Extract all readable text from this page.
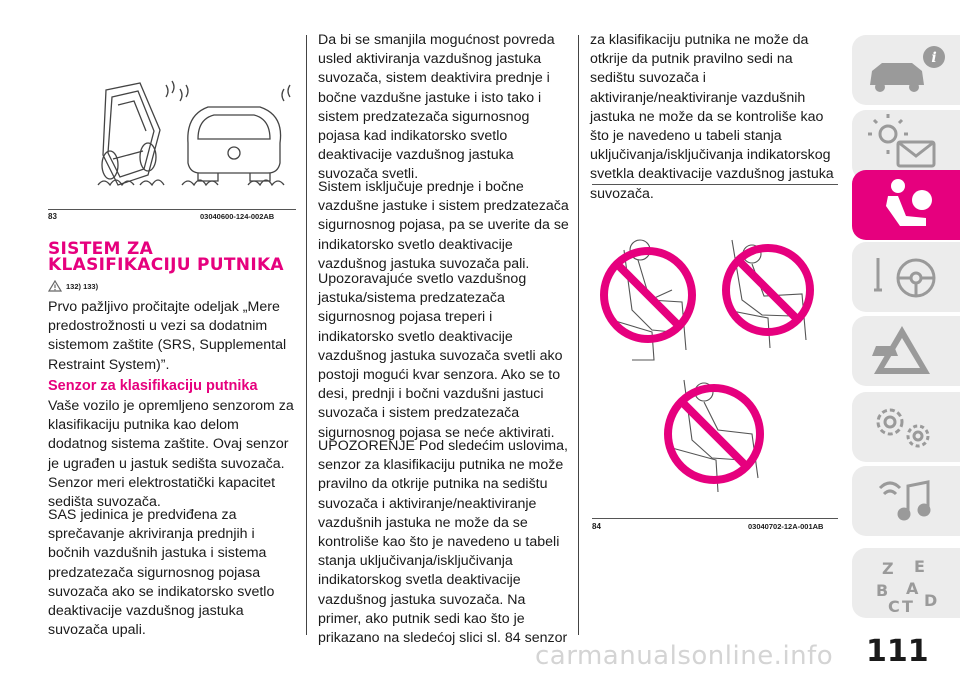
83	03040600-124-002AB
SISTEM ZA
KLASIFIKACIJU PUTNIKA
132) 133)

Prvo pažljivo pročitajte odeljak „Mere predostrožnosti u vezi sa dodatnim sistemom zaštite (SRS, Supplemental Restraint System)”.

Senzor za klasifikaciju putnika

Vaše vozilo je opremljeno senzorom za klasifikaciju putnika kao delom dodatnog sistema zaštite. Ovaj senzor je ugrađen u jastuk sedišta suvozača. Senzor meri elektrostatički kapacitet sedišta suvozača.

SAS jedinica je predviđena za sprečavanje akriviranja prednjih i bočnih vazdušnih jastuka i sistema predzatezača sigurnosnog pojasa suvozača ako se indikatorsko svetlo deaktivacije vazdušnog jastuka suvozača upali.

Da bi se smanjila mogućnost povreda usled aktiviranja vazdušnog jastuka suvozača, sistem deaktivira prednje i bočne vazdušne jastuke i isto tako i sistem predzatezača sigurnosnog pojasa kad indikatorsko svetlo deaktivacije vazdušnog jastuka suvozača svetli.

Sistem isključuje prednje i bočne vazdušne jastuke i sistem predzatezača sigurnosnog pojasa, pa se uverite da se indikatorsko svetlo deaktivacije vazdušnog jastuka suvozača pali.

Upozoravajuće svetlo vazdušnog jastuka/sistema predzatezača sigurnosnog pojasa treperi i indikatorsko svetlo deaktivacije vazdušnog jastuka suvozača svetli ako postoji mogući kvar senzora. Ako se to desi, prednji i bočni vazdušni jastuci suvozača i sistem predzatezača sigurnosnog pojasa se neće aktivirati.

UPOZORENJE Pod sledećim uslovima, senzor za klasifikaciju putnika ne može pravilno da otkrije putnika na sedištu suvozača i aktiviranje/neaktiviranje vazdušnih jastuka ne može da se kontroliše kao što je navedeno u tabeli stanja uključivanja/isključivanja indikatorskog svetla deaktivacije vazdušnog jastuka suvozača. Na primer, ako putnik sedi kao što je prikazano na sledećoj slici sl. 84 senzor

za klasifikaciju putnika ne može da otkrije da putnik pravilno sedi na sedištu suvozača i aktiviranje/neaktiviranje vazdušnih jastuka ne može da se kontroliše kao što je navedeno u tabeli stanja uključivanja/isključivanja indikatorskog svetkla deaktivacije vazdušnog jastuka suvozača.

84	03040702-12A-001AB
i
Z E
A
B
C T D
111
carmanualsonline.info
